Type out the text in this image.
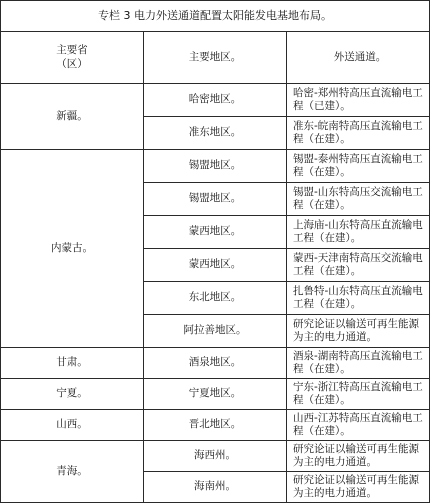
专栏 3 电力外送通道配置太阳能发电基地布局。		

主要省
（区）	主要地区。	外送通道。
新疆。	哈密地区。	哈密-郑州特高压直流输电工程（已建）。
	准东地区。	准东-皖南特高压直流输电工程（在建）。
内蒙古。	锡盟地区。	锡盟-泰州特高压直流输电工程（在建）。
	锡盟地区。	锡盟-山东特高压交流输电工程（在建）。
	蒙西地区。	上海庙-山东特高压直流输电工程（在建）。
	蒙西地区。	蒙西-天津南特高压交流输电工程（在建）。
	东北地区。	扎鲁特-山东特高压直流输电工程（在建）。
	阿拉善地区。	研究论证以输送可再生能源为主的电力通道。
甘肃。	酒泉地区。	酒泉-湖南特高压直流输电工程（在建）。
宁夏。	宁夏地区。	宁东-浙江特高压直流输电工程（在建）。
山西。	晋北地区。	山西-江苏特高压直流输电工程（在建）。
青海。	海西州。	研究论证以输送可再生能源为主的电力通道。
	海南州。	研究论证以输送可再生能源为主的电力通道。
